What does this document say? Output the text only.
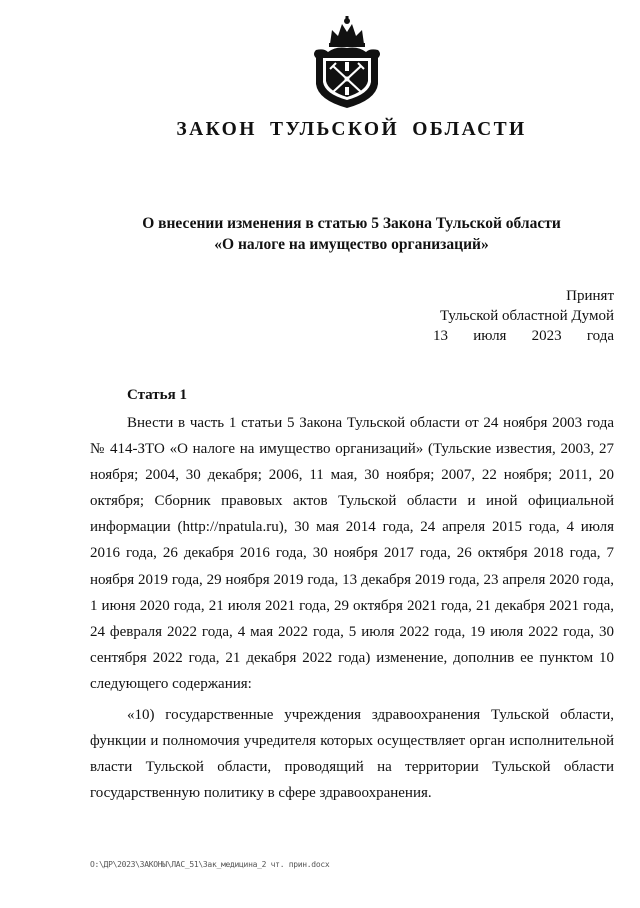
ЗАКОН ТУЛЬСКОЙ ОБЛАСТИ
О внесении изменения в статью 5 Закона Тульской области
«О налоге на имущество организаций»
Принят
Тульской областной Думой
13 июля 2023 года
Статья 1
Внести в часть 1 статьи 5 Закона Тульской области от 24 ноября 2003 года № 414-ЗТО «О налоге на имущество организаций» (Тульские известия, 2003, 27 ноября; 2004, 30 декабря; 2006, 11 мая, 30 ноября; 2007, 22 ноября; 2011, 20 октября; Сборник правовых актов Тульской области и иной официальной информации (http://npatula.ru), 30 мая 2014 года, 24 апреля 2015 года, 4 июля 2016 года, 26 декабря 2016 года, 30 ноября 2017 года, 26 октября 2018 года, 7 ноября 2019 года, 29 ноября 2019 года, 13 декабря 2019 года, 23 апреля 2020 года, 1 июня 2020 года, 21 июля 2021 года, 29 октября 2021 года, 21 декабря 2021 года, 24 февраля 2022 года, 4 мая 2022 года, 5 июля 2022 года, 19 июля 2022 года, 30 сентября 2022 года, 21 декабря 2022 года) изменение, дополнив ее пунктом 10 следующего содержания:
«10) государственные учреждения здравоохранения Тульской области, функции и полномочия учредителя которых осуществляет орган исполнительной власти Тульской области, проводящий на территории Тульской области государственную политику в сфере здравоохранения.
О:\ДР\2023\ЗАКОНЫ\ЛАС_51\Зак_медицина_2 чт. прин.docx
